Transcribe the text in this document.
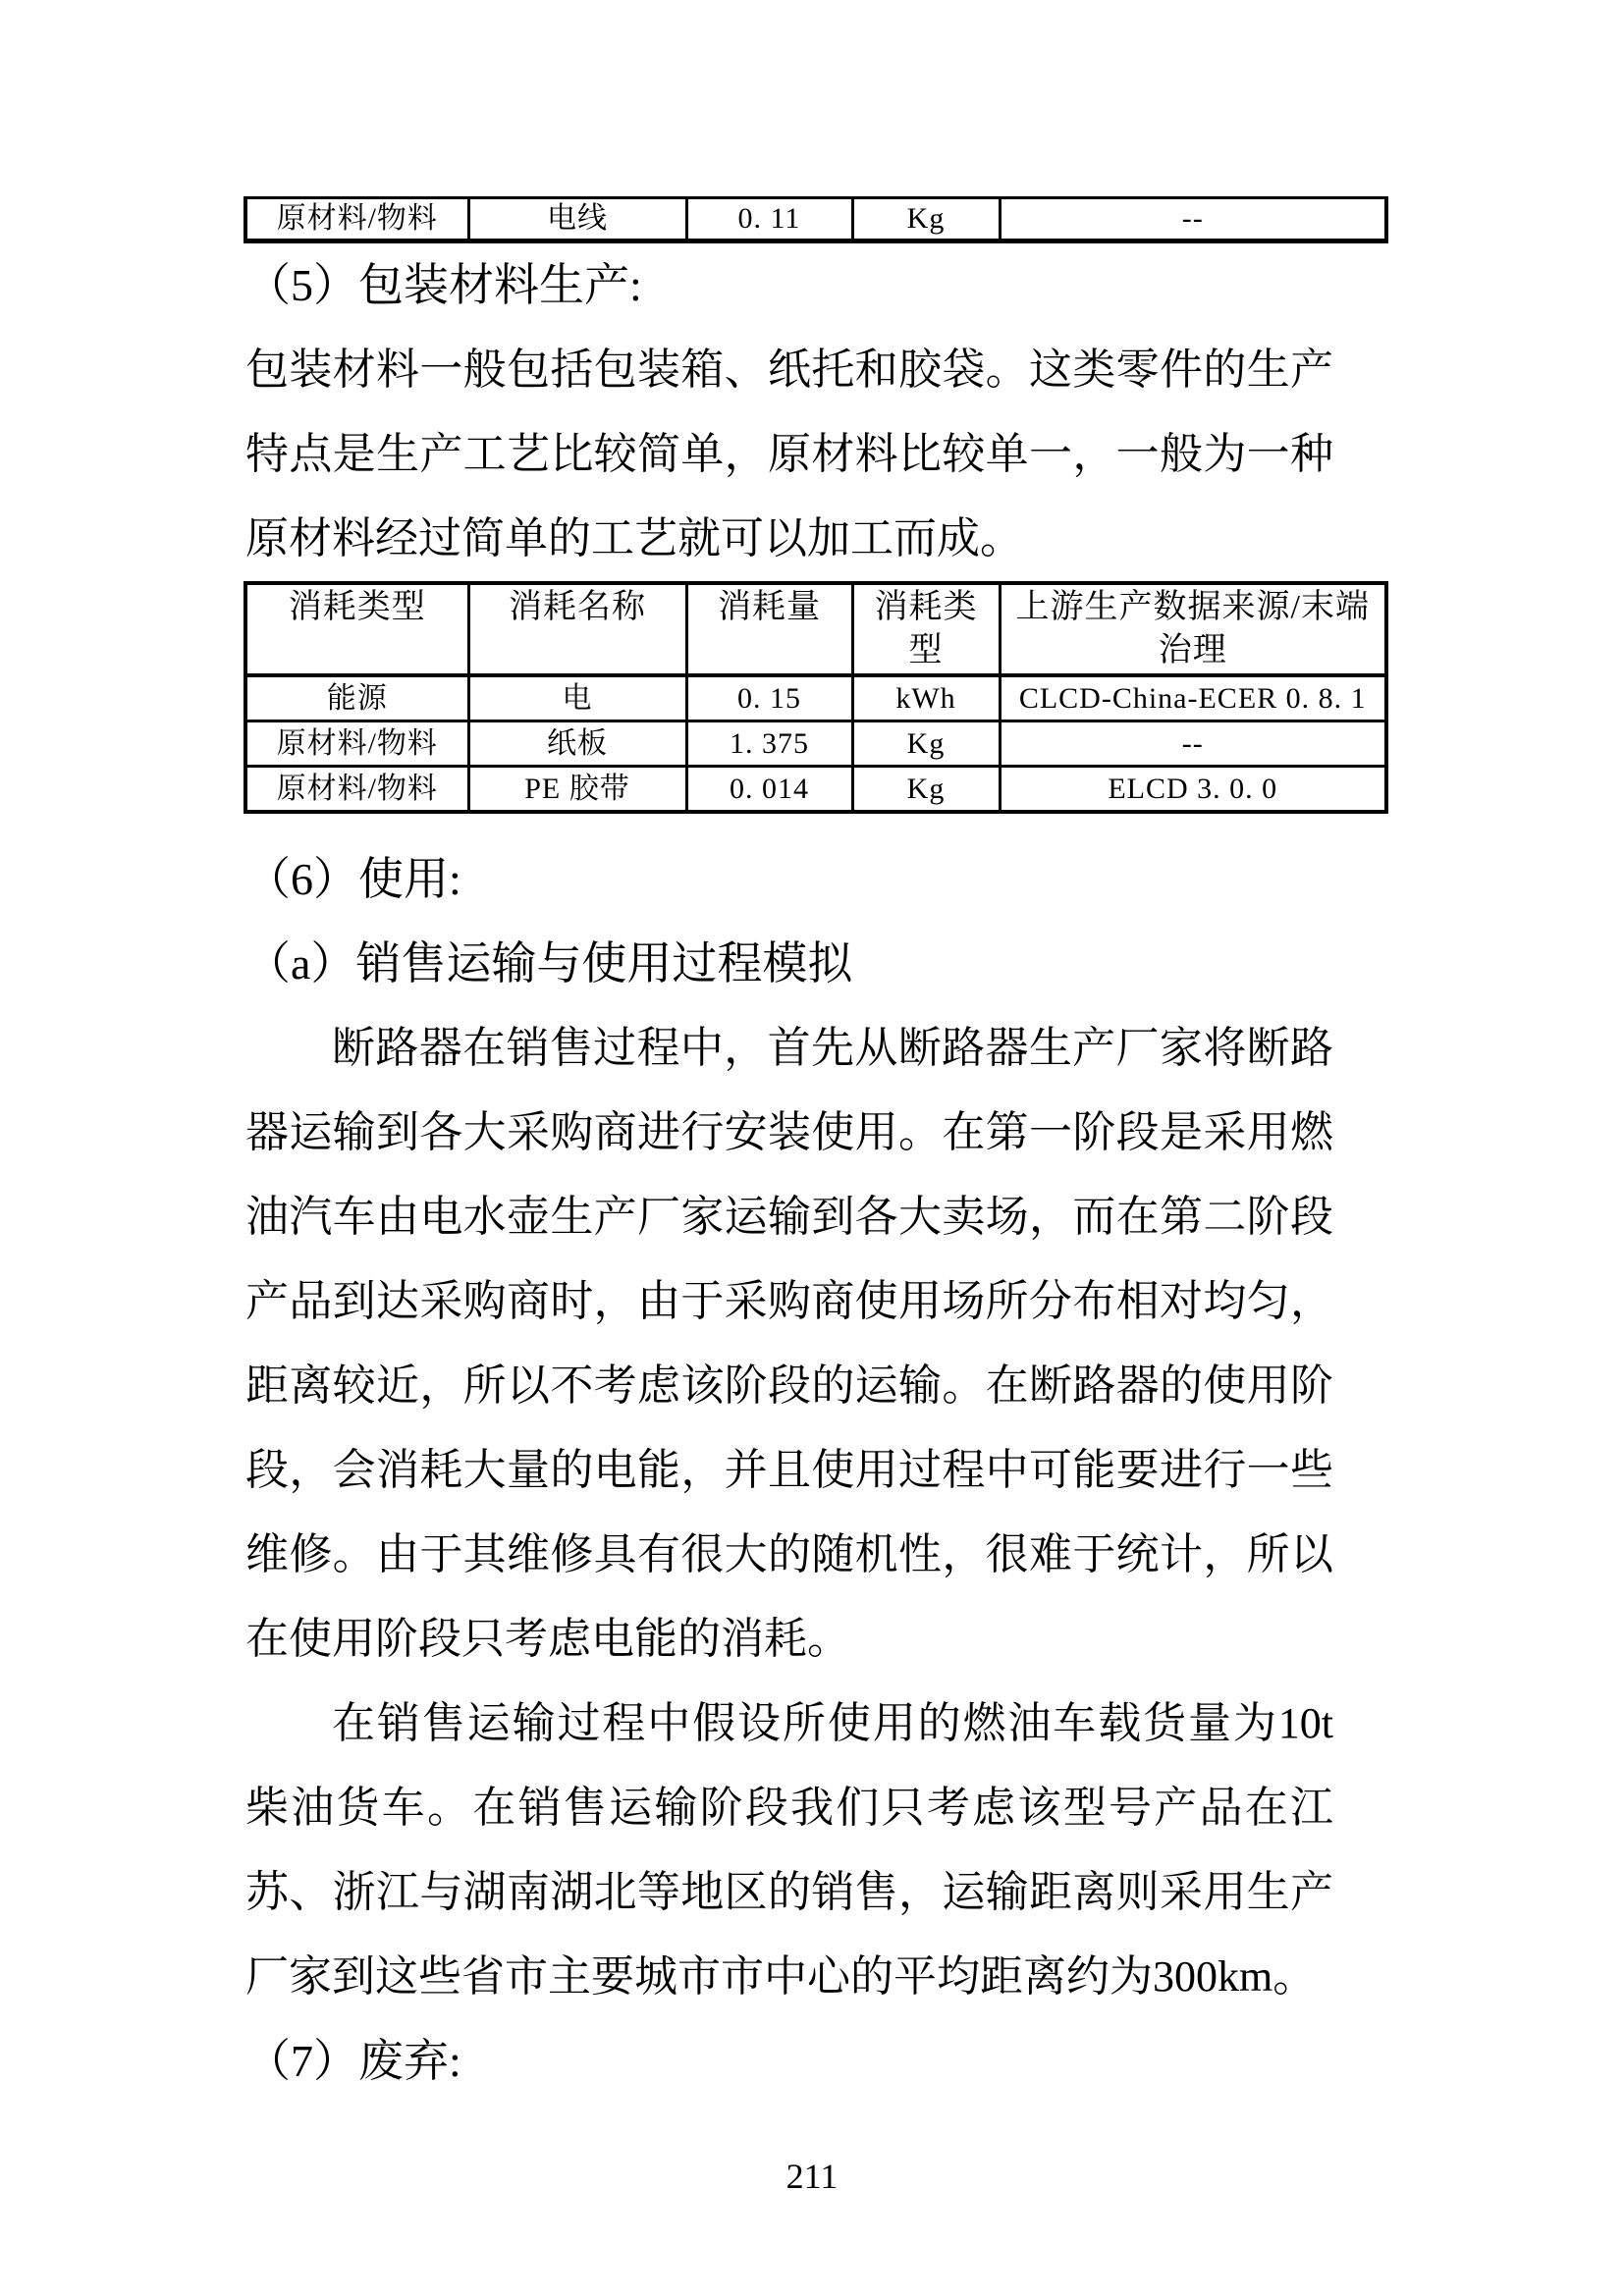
原材料/物料	电线	0. 11	Kg	--
（5）包装材料生产:

包装材料一般包括包装箱、纸托和胶袋。这类零件的生产特点是生产工艺比较简单，原材料比较单一，一般为一种原材料经过简单的工艺就可以加工而成。

消耗类型	消耗名称	消耗量	消耗类型	上游生产数据来源/末端治理
能源	电	0. 15	kWh	CLCD-China-ECER 0. 8. 1
原材料/物料	纸板	1. 375	Kg	--
原材料/物料	PE 胶带	0. 014	Kg	ELCD 3. 0. 0
（6）使用:
（a）销售运输与使用过程模拟

断路器在销售过程中，首先从断路器生产厂家将断路器运输到各大采购商进行安装使用。在第一阶段是采用燃油汽车由电水壶生产厂家运输到各大卖场，而在第二阶段产品到达采购商时，由于采购商使用场所分布相对均匀，距离较近，所以不考虑该阶段的运输。在断路器的使用阶段，会消耗大量的电能，并且使用过程中可能要进行一些维修。由于其维修具有很大的随机性，很难于统计，所以在使用阶段只考虑电能的消耗。

在销售运输过程中假设所使用的燃油车载货量为10t柴油货车。在销售运输阶段我们只考虑该型号产品在江苏、浙江与湖南湖北等地区的销售，运输距离则采用生产厂家到这些省市主要城市市中心的平均距离约为300km。

（7）废弃:
211
